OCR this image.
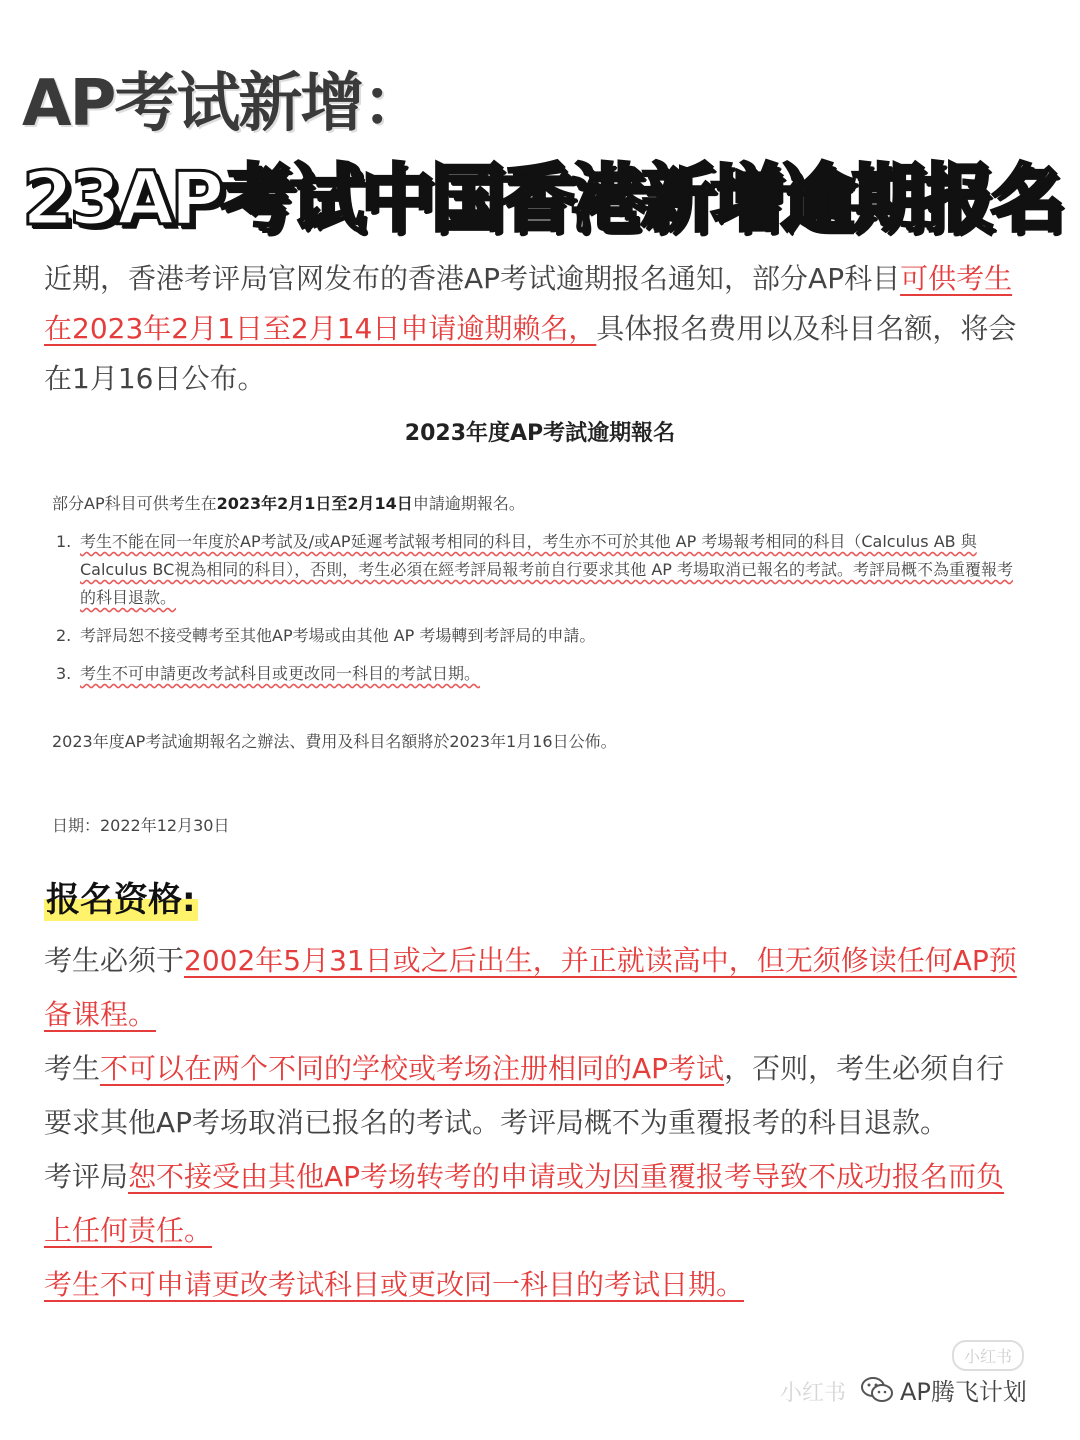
AP考试新增：
23AP考试中国香港新增逾期报名
近期，香港考评局官网发布的香港AP考试逾期报名通知，部分AP科目可供考生在2023年2月1日至2月14日申请逾期赖名，具体报名费用以及科目名额，将会在1月16日公布。
2023年度AP考試逾期報名
部分AP科目可供考生在2023年2月1日至2月14日申請逾期報名。
1. 考生不能在同一年度於AP考試及/或AP延遲考試報考相同的科目，考生亦不可於其他 AP 考場報考相同的科目（Calculus AB 與 Calculus BC視為相同的科目），否則，考生必須在經考評局報考前自行要求其他 AP 考場取消已報名的考試。考評局概不為重覆報考的科目退款。
2. 考評局恕不接受轉考至其他AP考場或由其他 AP 考場轉到考評局的申請。
3. 考生不可申請更改考試科目或更改同一科目的考試日期。
2023年度AP考試逾期報名之辦法、費用及科目名額將於2023年1月16日公佈。
日期：2022年12月30日
报名资格:

考生必须于2002年5月31日或之后出生，并正就读高中，但无须修读任何AP预备课程。

考生不可以在两个不同的学校或考场注册相同的AP考试，否则，考生必须自行要求其他AP考场取消已报名的考试。考评局概不为重覆报考的科目退款。

考评局恕不接受由其他AP考场转考的申请或为因重覆报考导致不成功报名而负上任何责任。

考生不可申请更改考试科目或更改同一科目的考试日期。

小红书
小红书 AP腾飞计划
